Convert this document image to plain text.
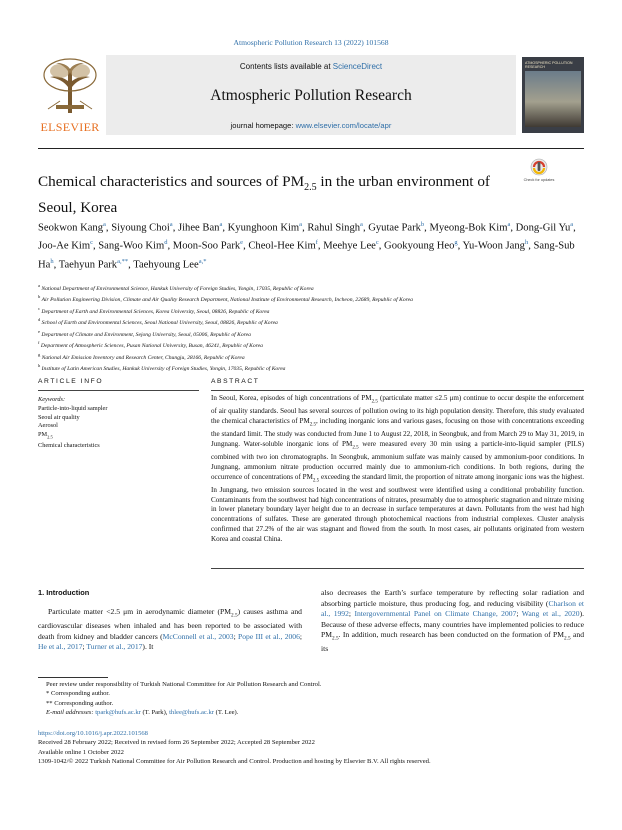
Atmospheric Pollution Research 13 (2022) 101568
ELSEVIER
Contents lists available at ScienceDirect
Atmospheric Pollution Research
journal homepage: www.elsevier.com/locate/apr
ATMOSPHERIC POLLUTION RESEARCH
Chemical characteristics and sources of $PM_{2.5}$ in the urban environment of Seoul, Korea
Check for updates
Seokwon Kang$^a$, Siyoung Choi$^a$, Jihee Ban$^a$, Kyunghoon Kim$^a$, Rahul Singh$^a$, Gyutae Park$^b$, Myeong-Bok Kim$^a$, Dong-Gil Yu$^a$, Joo-Ae Kim$^c$, Sang-Woo Kim$^d$, Moon-Soo Park$^e$, Cheol-Hee Kim$^f$, Meehye Lee$^c$, Gookyoung Heo$^g$, Yu-Woon Jang$^h$, Sang-Sub Ha$^h$, Taehyun Park$^{a,**}$, Taehyoung Lee$^{a,*}$
$^a$ National Department of Environmental Science, Hankuk University of Foreign Studies, Yongin, 17035, Republic of Korea
$^b$ Air Pollution Engineering Division, Climate and Air Quality Research Department, National Institute of Environmental Research, Incheon, 22689, Republic of Korea
$^c$ Department of Earth and Environmental Sciences, Korea University, Seoul, 08826, Republic of Korea
$^d$ School of Earth and Environmental Sciences, Seoul National University, Seoul, 08826, Republic of Korea
$^e$ Department of Climate and Environment, Sejong University, Seoul, 05006, Republic of Korea
$^f$ Department of Atmospheric Sciences, Pusan National University, Busan, 46241, Republic of Korea
$^g$ National Air Emission Inventory and Research Center, Chungju, 28166, Republic of Korea
$^h$ Institute of Latin American Studies, Hankuk University of Foreign Studies, Yongin, 17035, Republic of Korea
ARTICLE INFO	ABSTRACT
Keywords:
Particle-into-liquid sampler
Seoul air quality
Aerosol
$PM_{2.5}$
Chemical characteristics
In Seoul, Korea, episodes of high concentrations of $PM_{2.5}$ (particulate matter ≤2.5 μm) continue to occur despite the enforcement of air quality standards. Seoul has several sources of pollution owing to its high population density. Therefore, this study evaluated the chemical characteristics of $PM_{2.5}$, including inorganic ions and various gases, focusing on those with concentrations exceeding the standard limit. The study was conducted from June 1 to August 22, 2018, in Seongbuk, and from March 29 to May 31, 2019, in Jungnang. Water-soluble inorganic ions of $PM_{2.5}$ were measured every 30 min using a particle-into-liquid sampler (PILS) combined with two ion chromatographs. In Seongbuk, ammonium sulfate was mainly caused by ammonium-poor conditions. In Jungnang, ammonium nitrate production occurred mainly due to ammonium-rich conditions. In both regions, during the occurrence of concentrations of $PM_{2.5}$ exceeding the standard limit, the proportion of nitrate among inorganic ions was the highest. In Jungnang, two emission sources located in the west and southwest were identified using a conditional probability function. Contaminants from the southwest had high concentrations of nitrates, presumably due to atmospheric stagnation and nitrate mixing in lower planetary boundary layer height due to an decrease in surface temperatures at dawn. Pollutants from the west had high concentrations of sulfates. These are generated through photochemical reactions from industrial complexes. Cluster analysis confirmed that 27.2% of the air was stagnant and flowed from the south. In most cases, air pollutants originated from western Korea and coastal China.
1. Introduction
Particulate matter <2.5 μm in aerodynamic diameter $(PM_{2.5})$ causes asthma and cardiovascular diseases when inhaled and has been reported to be associated with death from kidney and bladder cancers (McConnell et al., 2003; Pope III et al., 2006; He et al., 2017; Turner et al., 2017). It
also decreases the Earth’s surface temperature by reflecting solar radiation and absorbing particle moisture, thus producing fog, and reducing visibility (Charlson et al., 1992; Intergovernmental Panel on Climate Change, 2007; Wang et al., 2020). Because of these adverse effects, many countries have implemented policies to reduce $PM_{2.5}$. In addition, much research has been conducted on the formation of $PM_{2.5}$ and its
Peer review under responsibility of Turkish National Committee for Air Pollution Research and Control.
* Corresponding author.
** Corresponding author.
E-mail addresses: tpark@hufs.ac.kr (T. Park), thlee@hufs.ac.kr (T. Lee).
https://doi.org/10.1016/j.apr.2022.101568
Received 28 February 2022; Received in revised form 26 September 2022; Accepted 28 September 2022
Available online 1 October 2022
1309-1042/© 2022 Turkish National Committee for Air Pollution Research and Control. Production and hosting by Elsevier B.V. All rights reserved.
